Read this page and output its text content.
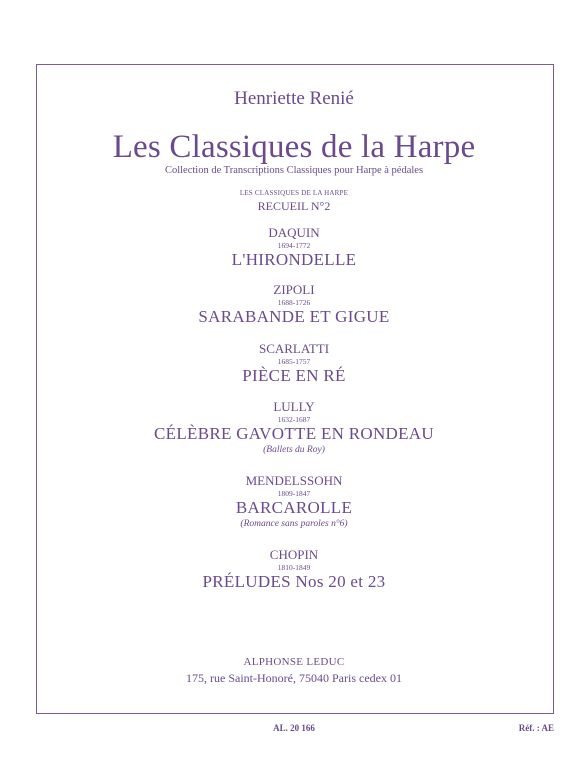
Henriette Renié
Les Classiques de la Harpe
Collection de Transcriptions Classiques pour Harpe à pédales
LES CLASSIQUES DE LA HARPE
RECUEIL N°2
DAQUIN
1694-1772
L'HIRONDELLE
ZIPOLI
1688-1726
SARABANDE ET GIGUE
SCARLATTI
1685-1757
PIÈCE EN RÉ
LULLY
1632-1687
CÉLÈBRE GAVOTTE EN RONDEAU
(Ballets du Roy)
MENDELSSOHN
1809-1847
BARCAROLLE
(Romance sans paroles n°6)
CHOPIN
1810-1849
PRÉLUDES Nos 20 et 23
ALPHONSE LEDUC
175, rue Saint-Honoré, 75040 Paris cedex 01
AL. 20 166	Réf. : AE
